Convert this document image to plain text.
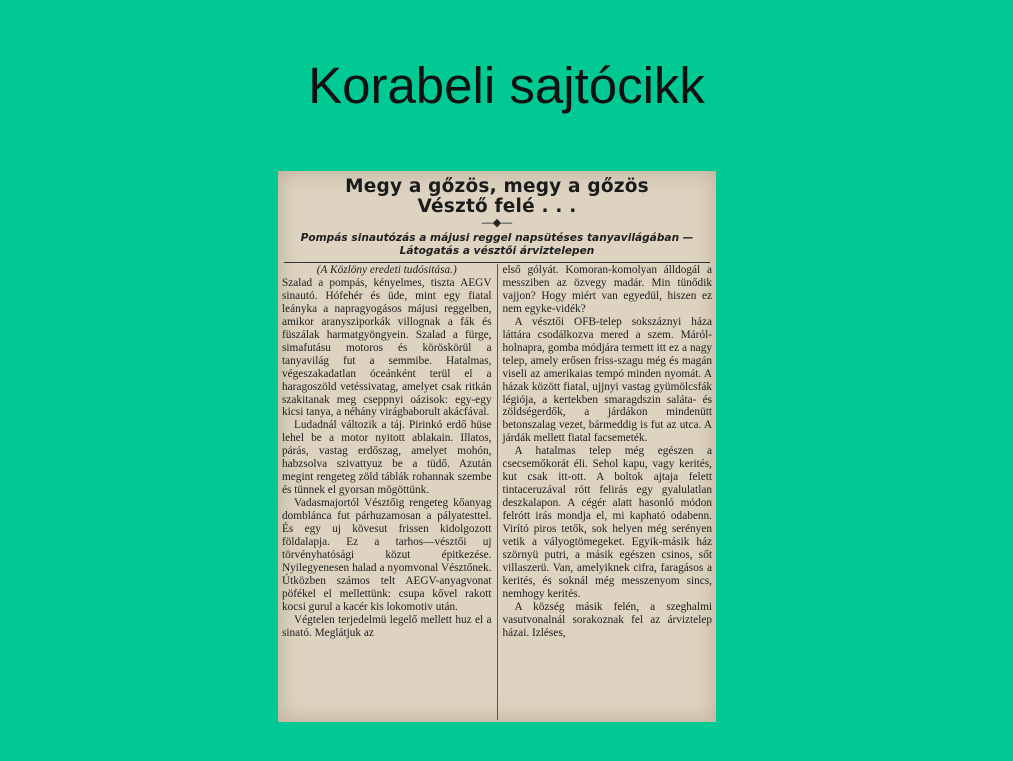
Korabeli sajtócikk
Megy a gőzös, megy a gőzös
Vésztő felé . . .
—◆—
Pompás sinautózás a májusi reggel napsütéses tanyavilágában — Látogatás a vésztői árviztelepen

(A Közlöny eredeti tudósitása.)

Szalad a pompás, kényelmes, tiszta AEGV sinautó. Hófehér és üde, mint egy fiatal leányka a napragyogásos májusi reggelben, amikor aranysziporkák villognak a fák és füszálak harmatgyöngyein. Szalad a fürge, simafutásu motoros és köröskörül a tanyavilág fut a semmibe. Hatalmas, végeszakadatlan óceánként terül el a haragoszöld vetéssivatag, amelyet csak ritkán szakitanak meg cseppnyi oázisok: egy-egy kicsi tanya, a néhány virágbaborult akácfával.

Ludadnál változik a táj. Pirinkó erdő hüse lehel be a motor nyitott ablakain. Illatos, párás, vastag erdőszag, amelyet mohón, habzsolva szivattyuz be a tüdő. Azután megint rengeteg zöld táblák rohannak szembe és tünnek el gyorsan mögöttünk.

Vadasmajortól Vésztőig rengeteg kőanyag domblánca fut párhuzamosan a pályatesttel. És egy uj kövesut frissen kidolgozott földalapja. Ez a tarhos—vésztői uj törvényhatósági közut épitkezése. Nyilegyenesen halad a nyomvonal Vésztőnek. Útközben számos telt AEGV-anyagvonat pöfékel el mellettünk: csupa kővel rakott kocsi gurul a kacér kis lokomotiv után.

Végtelen terjedelmü legelő mellett huz el a sinató. Meglátjuk az

első gólyát. Komoran-komolyan álldogál a messziben az özvegy madár. Min tünődik vajjon? Hogy miért van egyedül, hiszen ez nem egyke-vidék?

A vésztői OFB-telep sokszáznyi háza láttára csodálkozva mered a szem. Máról-holnapra, gomba módjára termett itt ez a nagy telep, amely erősen friss-szagu még és magán viseli az amerikaias tempó minden nyomát. A házak között fiatal, ujjnyi vastag gyümölcsfák légiója, a kertekben smaragdszin saláta- és zöldségerdők, a járdákon mindenütt betonszalag vezet, bármeddig is fut az utca. A járdák mellett fiatal facsemeték.

A hatalmas telep még egészen a csecsemőkorát éli. Sehol kapu, vagy kerités, kut csak itt-ott. A boltok ajtaja felett tintaceruzával rótt felirás egy gyalulatlan deszkalapon. A cégér alatt hasonló módon felrótt irás mondja el, mi kapható odabenn. Virító piros tetők, sok helyen még serényen vetik a vályogtömegeket. Egyik-másik ház szörnyü putri, a másik egészen csinos, sőt villaszerü. Van, amelyiknek cifra, faragásos a kerités, és soknál még messzenyom sincs, nemhogy kerités.

A község másik felén, a szeghalmi vasutvonalnál sorakoznak fel az árviztelep házai. Izléses,
